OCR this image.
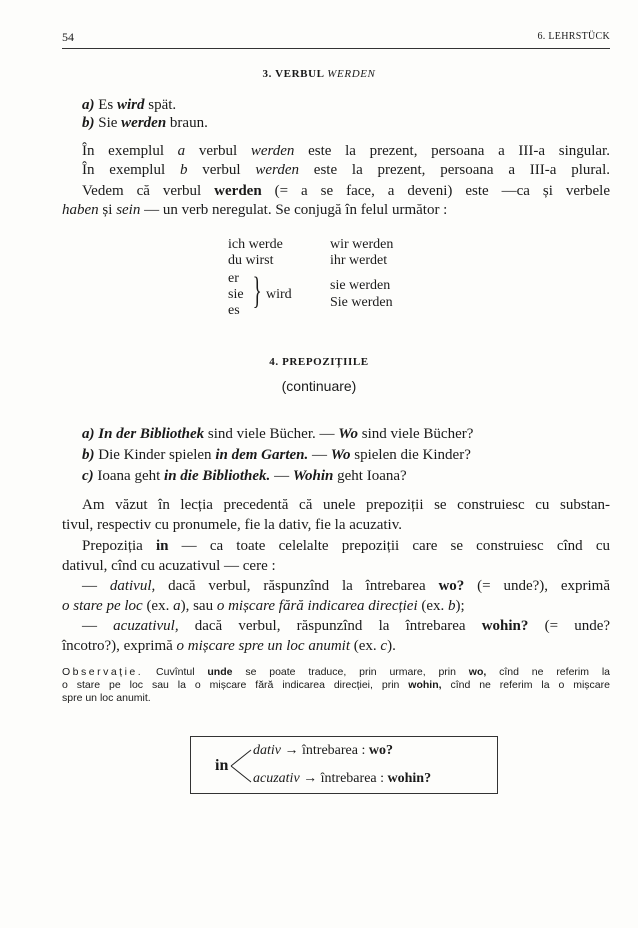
54	6. LEHRSTÜCK
3. VERBUL WERDEN
a) Es wird spät.
b) Sie werden braun.
În exemplul a verbul werden este la prezent, persoana a III-a singular.
În exemplul b verbul werden este la prezent, persoana a III-a plural.
Vedem că verbul werden (= a se face, a deveni) este —ca și verbele
haben și sein — un verb neregulat. Se conjugă în felul următor :
ich werde
du wirst
er
sie
es } wird
wir werden
ihr werdet
sie werden
Sie werden
4. PREPOZIȚIILE
(continuare)
a) In der Bibliothek sind viele Bücher. — Wo sind viele Bücher?
b) Die Kinder spielen in dem Garten. — Wo spielen die Kinder?
c) Ioana geht in die Bibliothek. — Wohin geht Ioana?
Am văzut în lecția precedentă că unele prepoziții se construiesc cu substan-
tivul, respectiv cu pronumele, fie la dativ, fie la acuzativ.
Prepoziția in — ca toate celelalte prepoziții care se construiesc cînd cu
dativul, cînd cu acuzativul — cere :
— dativul, dacă verbul, răspunzînd la întrebarea wo? (= unde?), exprimă
o stare pe loc (ex. a), sau o mișcare fără indicarea direcției (ex. b);
— acuzativul, dacă verbul, răspunzînd la întrebarea wohin? (= unde?
încotro?), exprimă o mișcare spre un loc anumit (ex. c).
Observație. Cuvîntul unde se poate traduce, prin urmare, prin wo, cînd ne referim la
o stare pe loc sau la o mișcare fără indicarea direcției, prin wohin, cînd ne referim la o mișcare
spre un loc anumit.
in
dativ → întrebarea : wo?
acuzativ → întrebarea : wohin?
